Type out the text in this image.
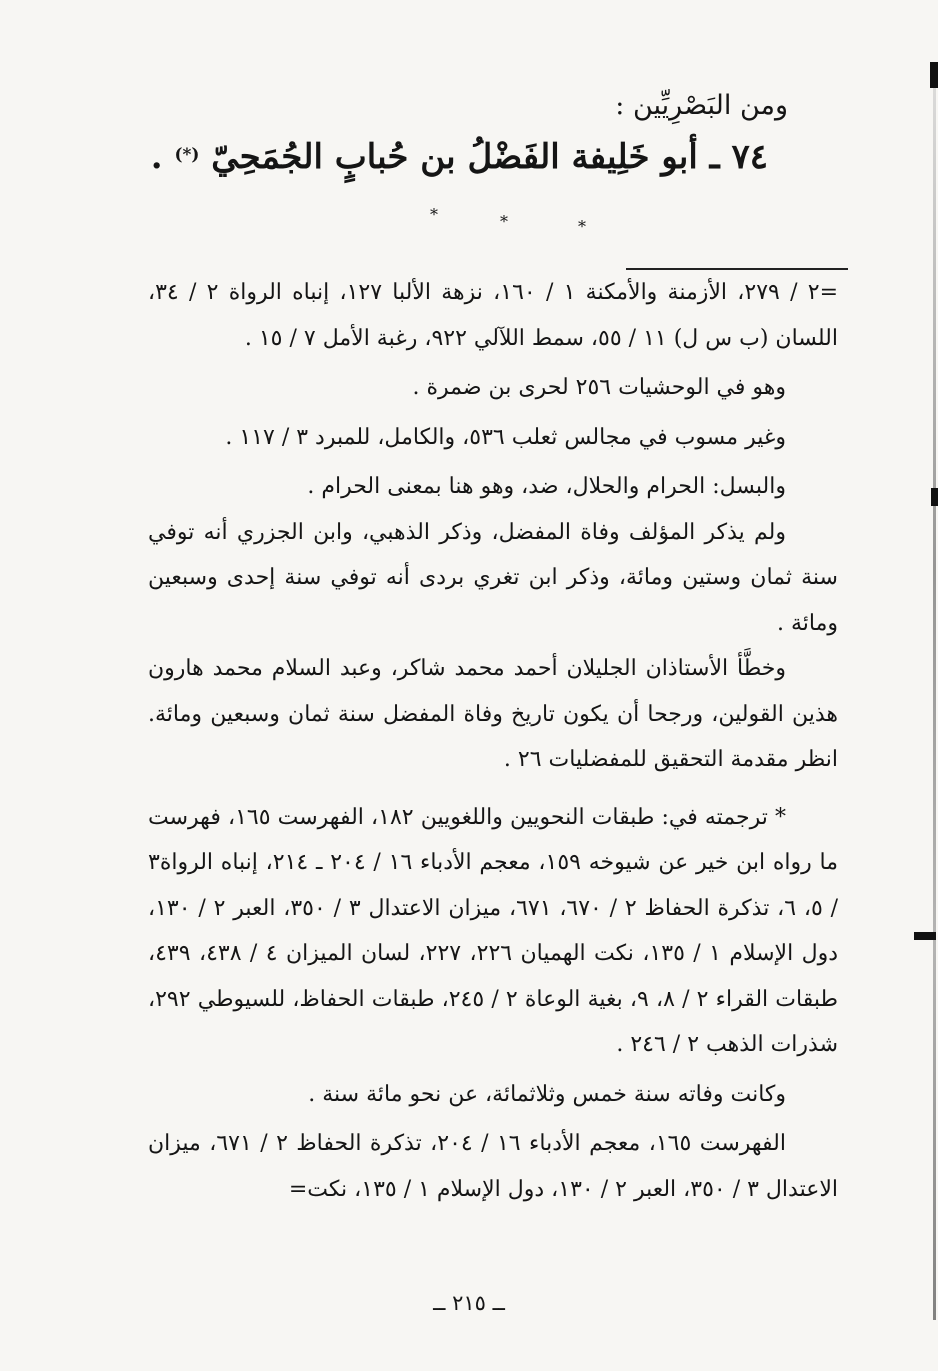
ومن البَصْرِيِّين :
٧٤ ـ أبو خَلِيفة الفَضْلُ بن حُبابٍ الجُمَحِيّ (*) .
*	*	*

=٢ / ٢٧٩، الأزمنة والأمكنة ١ / ١٦٠، نزهة الألبا ١٢٧، إنباه الرواة ٢ / ٣٤، اللسان (ب س ل) ١١ / ٥٥، سمط اللآلي ٩٢٢، رغبة الأمل ٧ / ١٥ .

وهو في الوحشيات ٢٥٦ لحرى بن ضمرة .

وغير مسوب في مجالس ثعلب ٥٣٦، والكامل، للمبرد ٣ / ١١٧ .

والبسل: الحرام والحلال، ضد، وهو هنا بمعنى الحرام .

ولم يذكر المؤلف وفاة المفضل، وذكر الذهبي، وابن الجزري أنه توفي سنة ثمان وستين ومائة، وذكر ابن تغري بردى أنه توفي سنة إحدى وسبعين ومائة .

وخطَّأ الأستاذان الجليلان أحمد محمد شاكر، وعبد السلام محمد هارون هذين القولين، ورجحا أن يكون تاريخ وفاة المفضل سنة ثمان وسبعين ومائة. انظر مقدمة التحقيق للمفضليات ٢٦ .

* ترجمته في: طبقات النحويين واللغويين ١٨٢، الفهرست ١٦٥، فهرست ما رواه ابن خير عن شيوخه ١٥٩، معجم الأدباء ١٦ / ٢٠٤ ـ ٢١٤، إنباه الرواة٣ / ٥، ٦، تذكرة الحفاظ ٢ / ٦٧٠، ٦٧١، ميزان الاعتدال ٣ / ٣٥٠، العبر ٢ / ١٣٠، دول الإسلام ١ / ١٣٥، نكت الهميان ٢٢٦، ٢٢٧، لسان الميزان ٤ / ٤٣٨، ٤٣٩، طبقات القراء ٢ / ٨، ٩، بغية الوعاة ٢ / ٢٤٥، طبقات الحفاظ، للسيوطي ٢٩٢، شذرات الذهب ٢ / ٢٤٦ .

وكانت وفاته سنة خمس وثلاثمائة، عن نحو مائة سنة .

الفهرست ١٦٥، معجم الأدباء ١٦ / ٢٠٤، تذكرة الحفاظ ٢ / ٦٧١، ميزان الاعتدال ٣ / ٣٥٠، العبر ٢ / ١٣٠، دول الإسلام ١ / ١٣٥، نكت=

ــ ٢١٥ ــ
